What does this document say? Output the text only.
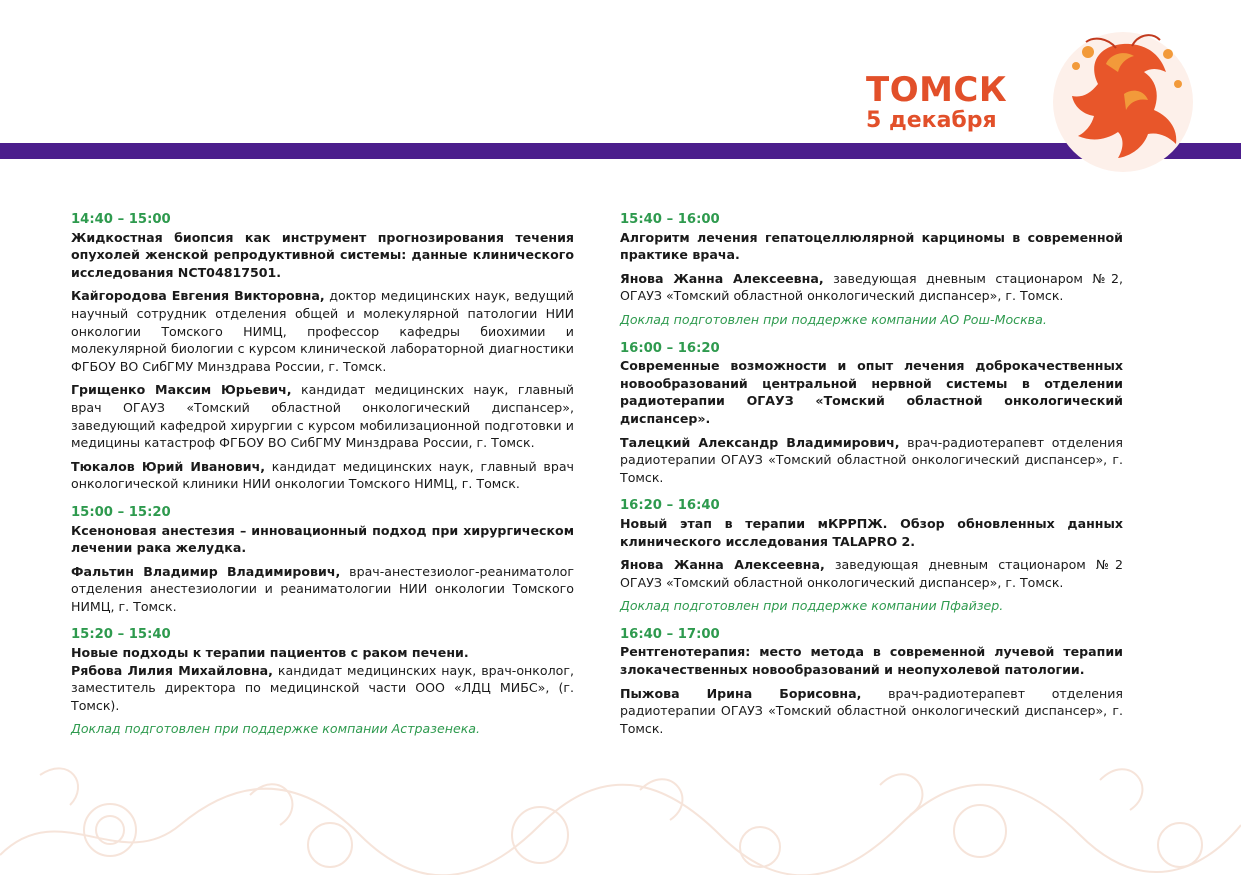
ТОМСК
5 декабря
14:40 – 15:00
Жидкостная биопсия как инструмент прогнозирования течения опухолей женской репродуктивной системы: данные клинического исследования NCT04817501.
Кайгородова Евгения Викторовна, доктор медицинских наук, ведущий научный сотрудник отделения общей и молекулярной патологии НИИ онкологии Томского НИМЦ, профессор кафедры биохимии и молекулярной биологии с курсом клинической лабораторной диагностики ФГБОУ ВО СибГМУ Минздрава России, г. Томск.
Грищенко Максим Юрьевич, кандидат медицинских наук, главный врач ОГАУЗ «Томский областной онкологический диспансер», заведующий кафедрой хирургии с курсом мобилизационной подготовки и медицины катастроф ФГБОУ ВО СибГМУ Минздрава России, г. Томск.
Тюкалов Юрий Иванович, кандидат медицинских наук, главный врач онкологической клиники НИИ онкологии Томского НИМЦ, г. Томск.
15:00 – 15:20
Ксеноновая анестезия – инновационный подход при хирургическом лечении рака желудка.
Фальтин Владимир Владимирович, врач-анестезиолог-реаниматолог отделения анестезиологии и реаниматологии НИИ онкологии Томского НИМЦ, г. Томск.
15:20 – 15:40
Новые подходы к терапии пациентов с раком печени.
Рябова Лилия Михайловна, кандидат медицинских наук, врач-онколог, заместитель директора по медицинской части ООО «ЛДЦ МИБС», (г. Томск).
Доклад подготовлен при поддержке компании Астразенека.
15:40 – 16:00
Алгоритм лечения гепатоцеллюлярной карциномы в современной практике врача.
Янова Жанна Алексеевна, заведующая дневным стационаром №2, ОГАУЗ «Томский областной онкологический диспансер», г. Томск.
Доклад подготовлен при поддержке компании АО Рош-Москва.
16:00 – 16:20
Современные возможности и опыт лечения доброкачественных новообразований центральной нервной системы в отделении радиотерапии ОГАУЗ «Томский областной онкологический диспансер».
Талецкий Александр Владимирович, врач-радиотерапевт отделения радиотерапии ОГАУЗ «Томский областной онкологический диспансер», г. Томск.
16:20 – 16:40
Новый этап в терапии мКРРПЖ. Обзор обновленных данных клинического исследования TALAPRO 2.
Янова Жанна Алексеевна, заведующая дневным стационаром №2 ОГАУЗ «Томский областной онкологический диспансер», г. Томск.
Доклад подготовлен при поддержке компании Пфайзер.
16:40 – 17:00
Рентгенотерапия: место метода в современной лучевой терапии злокачественных новообразований и неопухолевой патологии.
Пыжова Ирина Борисовна, врач-радиотерапевт отделения радиотерапии ОГАУЗ «Томский областной онкологический диспансер», г. Томск.
